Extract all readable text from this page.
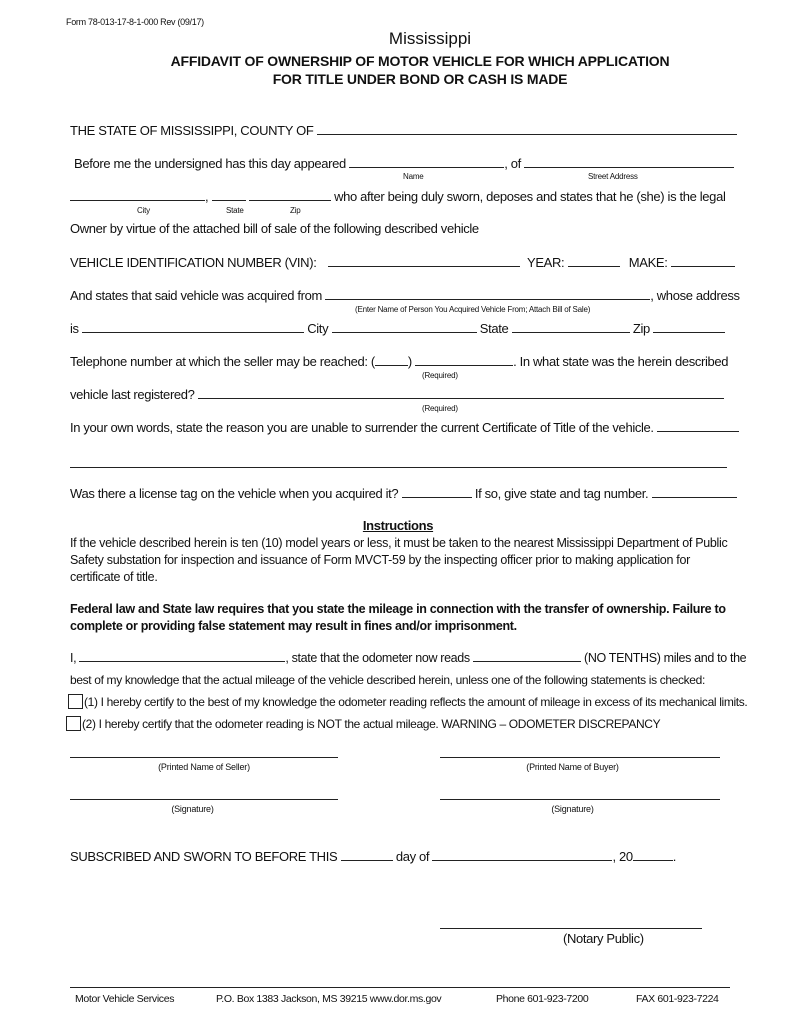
Form 78-013-17-8-1-000 Rev (09/17)
Mississippi
AFFIDAVIT OF OWNERSHIP OF MOTOR VEHICLE FOR WHICH APPLICATION
FOR TITLE UNDER BOND OR CASH IS MADE
THE STATE OF MISSISSIPPI, COUNTY OF
Before me the undersigned has this day appeared	, of
Name	Street Address
,	who after being duly sworn, deposes and states that he (she) is the legal
City	State	Zip
Owner by virtue of the attached bill of sale of the following described vehicle
VEHICLE IDENTIFICATION NUMBER (VIN):	YEAR:	MAKE:
And states that said vehicle was acquired from	, whose address
(Enter Name of Person You Acquired Vehicle From; Attach Bill of Sale)
is	City	State	Zip
Telephone number at which the seller may be reached: (	)	. In what state was the herein described
(Required)
vehicle last registered?
(Required)
In your own words, state the reason you are unable to surrender the current Certificate of Title of the vehicle.
Was there a license tag on the vehicle when you acquired it?	If so, give state and tag number.
Instructions
If the vehicle described herein is ten (10) model years or less, it must be taken to the nearest Mississippi Department of Public Safety substation for inspection and issuance of Form MVCT-59 by the inspecting officer prior to making application for certificate of title.
Federal law and State law requires that you state the mileage in connection with the transfer of ownership. Failure to complete or providing false statement may result in fines and/or imprisonment.
I,	, state that the odometer now reads	(NO TENTHS) miles and to the
best of my knowledge that the actual mileage of the vehicle described herein, unless one of the following statements is checked:
(1) I hereby certify to the best of my knowledge the odometer reading reflects the amount of mileage in excess of its mechanical limits.
(2) I hereby certify that the odometer reading is NOT the actual mileage. WARNING – ODOMETER DISCREPANCY
(Printed Name of Seller)	(Printed Name of Buyer)
(Signature)	(Signature)
SUBSCRIBED AND SWORN TO BEFORE THIS	day of	, 20	.
(Notary Public)
Motor Vehicle Services	P.O. Box 1383 Jackson, MS 39215 www.dor.ms.gov	Phone 601-923-7200	FAX 601-923-7224
